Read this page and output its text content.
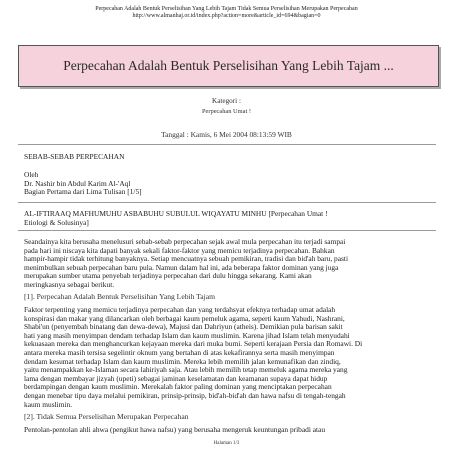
Perpecahan Adalah Bentuk Perselisihan Yang Lebih Tajam Tidak Semua Perselisihan Merupakan Perpecahan
http://www.almanhaj.or.id/index.php?action=more&article_id=694&bagian=0
Perpecahan Adalah Bentuk Perselisihan Yang Lebih Tajam ...
Kategori :
Perpecahan Umat !
Tanggal : Kamis, 6 Mei 2004 08:13:59 WIB
SEBAB-SEBAB PERPECAHAN
Oleh
Dr. Nashir bin Abdul Karim Al-'Aql
Bagian Pertama dari Lima Tulisan [1/5]
AL-IFTIRAAQ MAFHUMUHU ASBABUHU SUBULUL WIQAYATU MINHU [Perpecahan Umat !
Etiologi & Solusinya]
Seandainya kita berusaha menelusuri sebab-sebab perpecahan sejak awal mula perpecahan itu terjadi sampai
pada hari ini niscaya kita dapati banyak sekali faktor-faktor yang memicu terjadinya perpecahan. Bahkan
hampir-hampir tidak terhitung banyaknya. Setiap mencuatnya sebuah pemikiran, tradisi dan bid'ah baru, pasti
menimbulkan sebuah perpecahan baru pula. Namun dalam hal ini, ada beberapa faktor dominan yang juga
merupakan sumber utama penyebab terjadinya perpecahan dari dulu hingga sekarang. Kami akan
meringkasnya sebagai berikut.
[1]. Perpecahan Adalah Bentuk Perselisihan Yang Lebih Tajam
Faktor terpenting yang memicu terjadinya perpecahan dan yang terdahsyat efeknya terhadap umat adalah
konspirasi dan makar yang dilancarkan oleh berbagai kaum pemeluk agama, seperti kaum Yahudi, Nashrani,
Shabi'un (penyembah binatang dan dewa-dewa), Majusi dan Dahriyun (atheis). Demikian pula barisan sakit
hati yang masih menyimpan dendam terhadap Islam dan kaum muslimin. Karena jihad Islam telah menyudahi
kekuasaan mereka dan menghancurkan kejayaan mereka dari muka bumi. Seperti kerajaan Persia dan Romawi. Di
antara mereka masih tersisa segelintir oknum yang bertahan di atas kekafirannya serta masih menyimpan
dendam kesumat terhadap Islam dan kaum muslimin. Mereka lebih memilih jalan kemunafikan dan zindiq,
yaitu menampakkan ke-Islaman secara lahiriyah saja. Atau lebih memilih tetap memeluk agama mereka yang
lama dengan membayar jizyah (upeti) sebagai jaminan keselamatan dan keamanan supaya dapat hidup
berdampingan dengan kaum muslimin. Merekalah faktor paling dominan yang menciptakan perpecahan
dengan menebar tipu daya melalui pemikiran, prinsip-prinsip, bid'ah-bid'ah dan hawa nafsu di tengah-tengah
kaum muslimin.
[2]. Tidak Semua Perselisihan Merupakan Perpecahan
Pentolan-pentolan ahli ahwa (pengikut hawa nafsu) yang berusaha mengeruk keuntungan pribadi atau
Halaman 1/3
